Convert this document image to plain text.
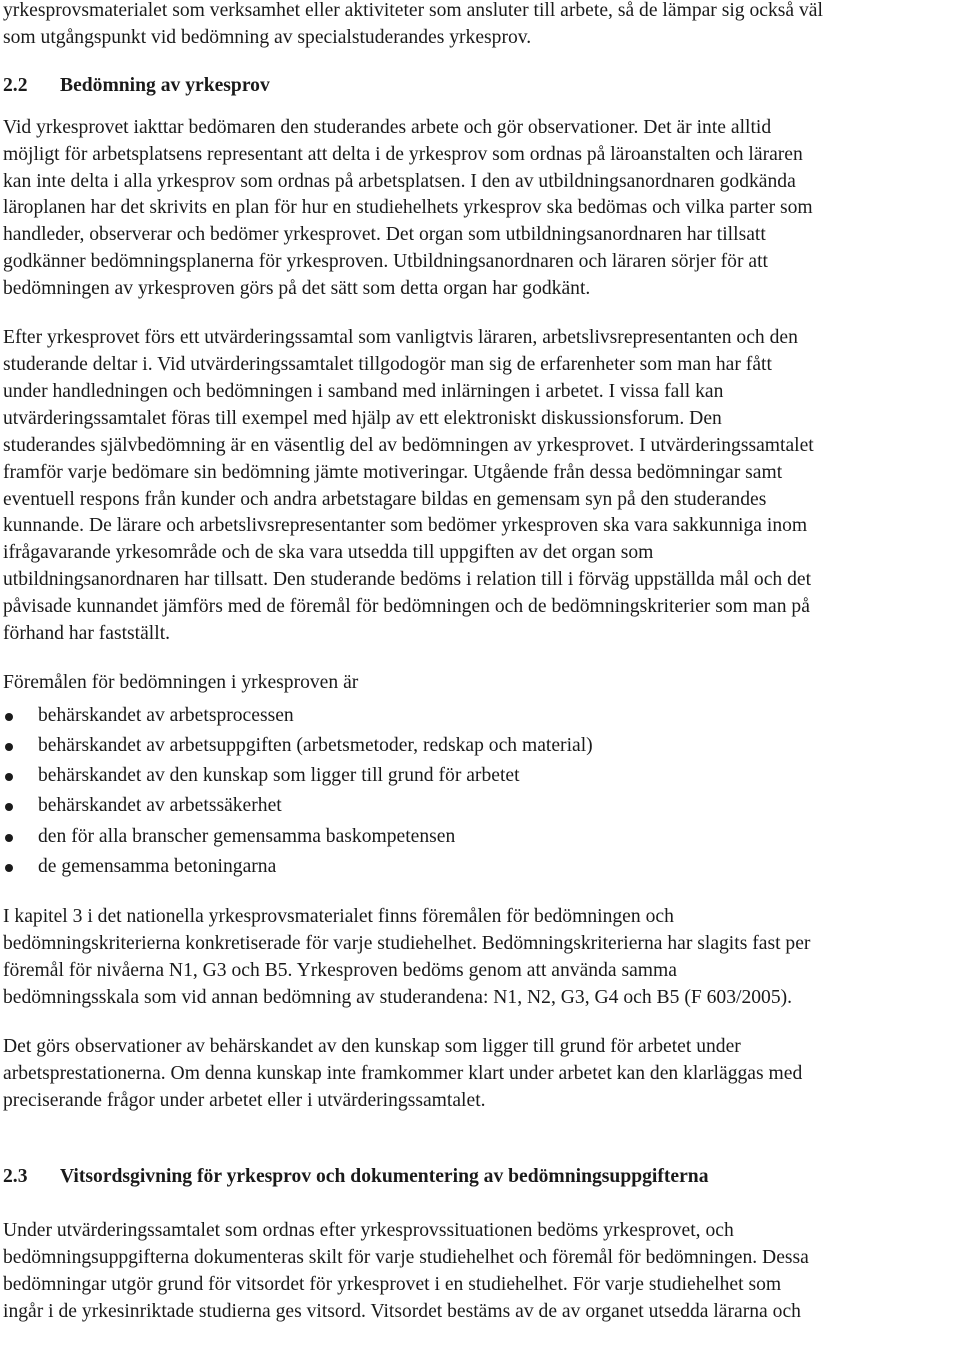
yrkesprovsmaterialet som verksamhet eller aktiviteter som ansluter till arbete, så de lämpar sig också väl
som utgångspunkt vid bedömning av specialstuderandes yrkesprov.

2.2	Bedömning av yrkesprov

Vid yrkesprovet iakttar bedömaren den studerandes arbete och gör observationer. Det är inte alltid
möjligt för arbetsplatsens representant att delta i de yrkesprov som ordnas på läroanstalten och läraren
kan inte delta i alla yrkesprov som ordnas på arbetsplatsen. I den av utbildningsanordnaren godkända
läroplanen har det skrivits en plan för hur en studiehelhets yrkesprov ska bedömas och vilka parter som
handleder, observerar och bedömer yrkesprovet. Det organ som utbildningsanordnaren har tillsatt
godkänner bedömningsplanerna för yrkesproven. Utbildningsanordnaren och läraren sörjer för att
bedömningen av yrkesproven görs på det sätt som detta organ har godkänt.

Efter yrkesprovet förs ett utvärderingssamtal som vanligtvis läraren, arbetslivsrepresentanten och den
studerande deltar i. Vid utvärderingssamtalet tillgodogör man sig de erfarenheter som man har fått
under handledningen och bedömningen i samband med inlärningen i arbetet. I vissa fall kan
utvärderingssamtalet föras till exempel med hjälp av ett elektroniskt diskussionsforum. Den
studerandes självbedömning är en väsentlig del av bedömningen av yrkesprovet. I utvärderingssamtalet
framför varje bedömare sin bedömning jämte motiveringar. Utgående från dessa bedömningar samt
eventuell respons från kunder och andra arbetstagare bildas en gemensam syn på den studerandes
kunnande. De lärare och arbetslivsrepresentanter som bedömer yrkesproven ska vara sakkunniga inom
ifrågavarande yrkesområde och de ska vara utsedda till uppgiften av det organ som
utbildningsanordnaren har tillsatt. Den studerande bedöms i relation till i förväg uppställda mål och det
påvisade kunnandet jämförs med de föremål för bedömningen och de bedömningskriterier som man på
förhand har fastställt.

Föremålen för bedömningen i yrkesproven är

behärskandet av arbetsprocessen
behärskandet av arbetsuppgiften (arbetsmetoder, redskap och material)
behärskandet av den kunskap som ligger till grund för arbetet
behärskandet av arbetssäkerhet
den för alla branscher gemensamma baskompetensen
de gemensamma betoningarna

I kapitel 3 i det nationella yrkesprovsmaterialet finns föremålen för bedömningen och
bedömningskriterierna konkretiserade för varje studiehelhet. Bedömningskriterierna har slagits fast per
föremål för nivåerna N1, G3 och B5. Yrkesproven bedöms genom att använda samma
bedömningsskala som vid annan bedömning av studerandena: N1, N2, G3, G4 och B5 (F 603/2005).

Det görs observationer av behärskandet av den kunskap som ligger till grund för arbetet under
arbetsprestationerna. Om denna kunskap inte framkommer klart under arbetet kan den klarläggas med
preciserande frågor under arbetet eller i utvärderingssamtalet.

2.3	Vitsordsgivning för yrkesprov och dokumentering av bedömningsuppgifterna

Under utvärderingssamtalet som ordnas efter yrkesprovssituationen bedöms yrkesprovet, och
bedömningsuppgifterna dokumenteras skilt för varje studiehelhet och föremål för bedömningen. Dessa
bedömningar utgör grund för vitsordet för yrkesprovet i en studiehelhet. För varje studiehelhet som
ingår i de yrkesinriktade studierna ges vitsord. Vitsordet bestäms av de av organet utsedda lärarna och
